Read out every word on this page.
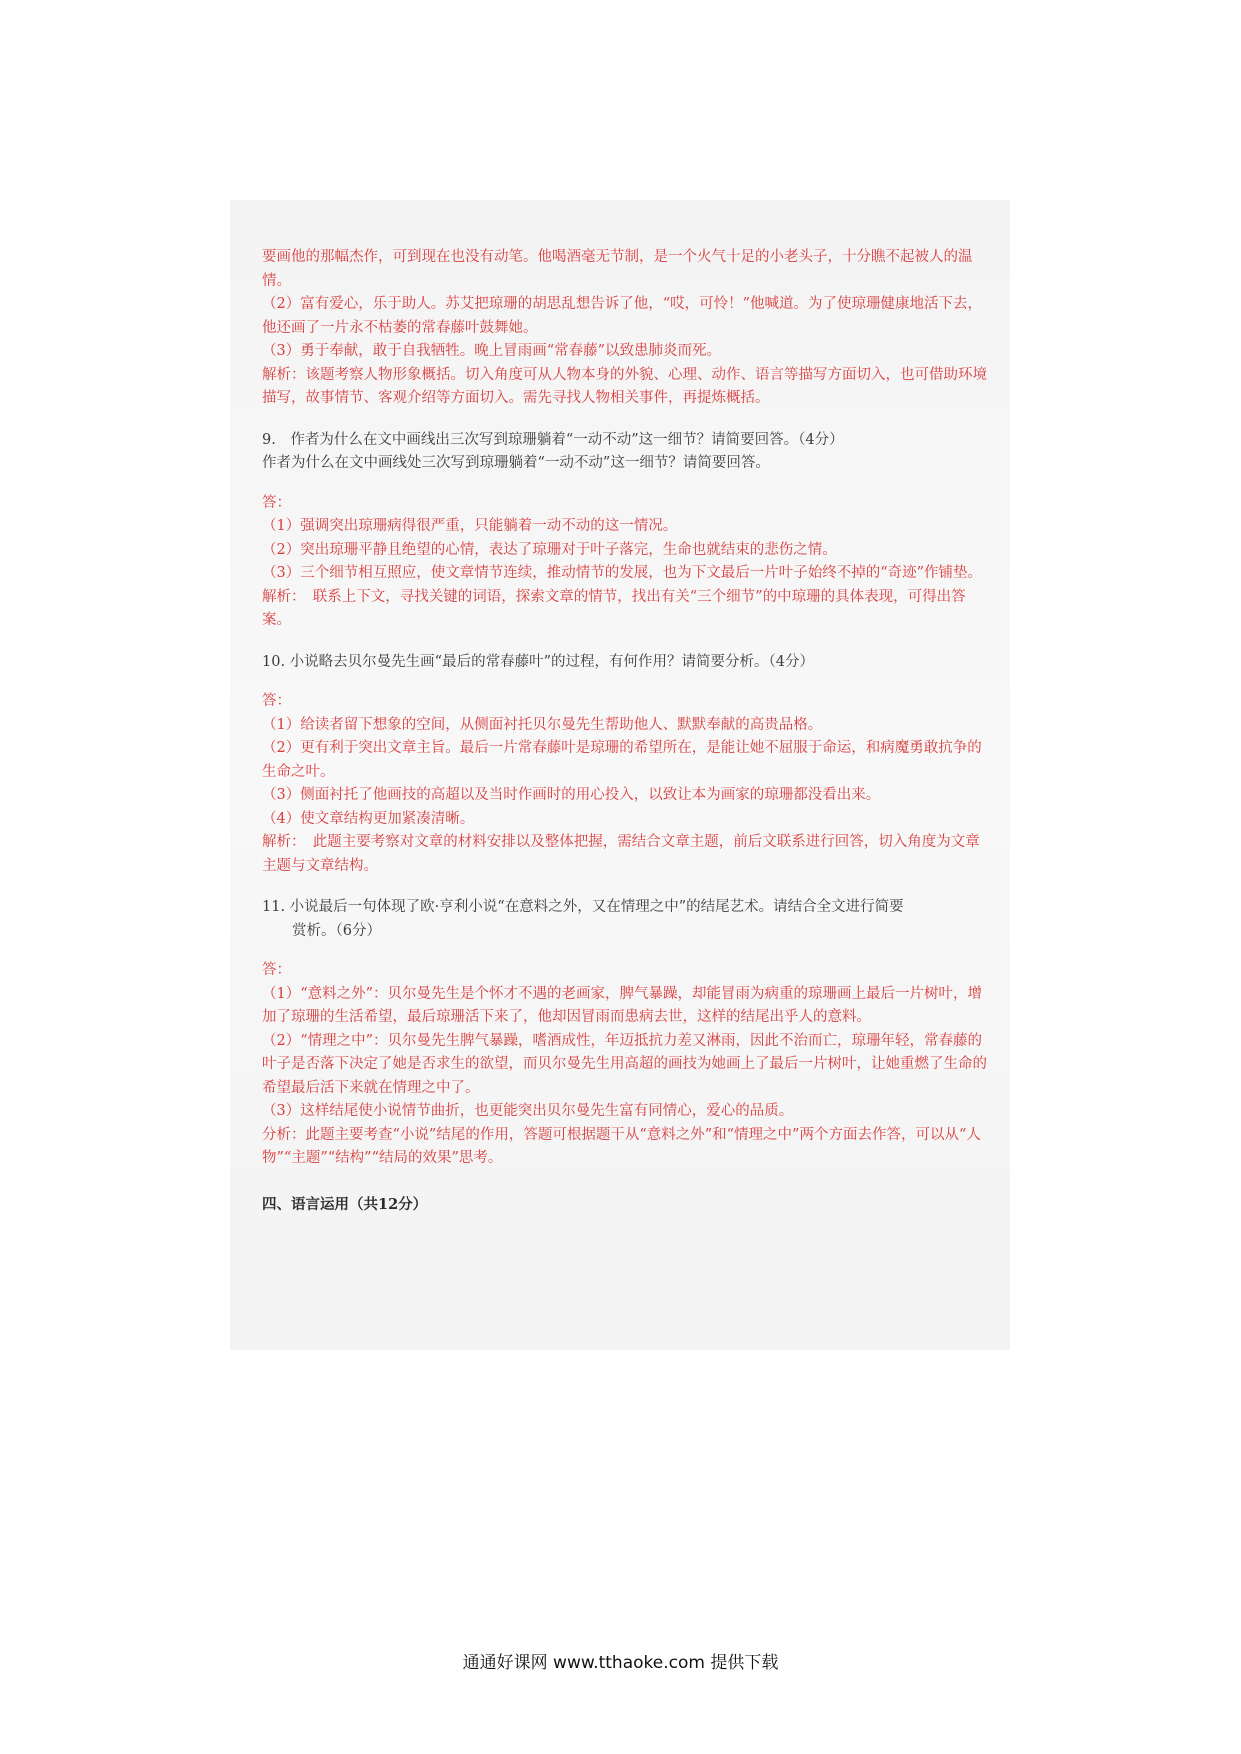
要画他的那幅杰作，可到现在也没有动笔。他喝酒毫无节制，是一个火气十足的小老头子，十分瞧不起被人的温情。

（2）富有爱心，乐于助人。苏艾把琼珊的胡思乱想告诉了他，“哎，可怜！”他喊道。为了使琼珊健康地活下去，他还画了一片永不枯萎的常春藤叶鼓舞她。

（3）勇于奉献，敢于自我牺牲。晚上冒雨画“常春藤”以致患肺炎而死。

解析：该题考察人物形象概括。切入角度可从人物本身的外貌、心理、动作、语言等描写方面切入，也可借助环境描写，故事情节、客观介绍等方面切入。需先寻找人物相关事件，再提炼概括。

9.　作者为什么在文中画线出三次写到琼珊躺着“一动不动”这一细节？请简要回答。（4分）

作者为什么在文中画线处三次写到琼珊躺着“一动不动”这一细节？请简要回答。

答：

（1）强调突出琼珊病得很严重，只能躺着一动不动的这一情况。

（2）突出琼珊平静且绝望的心情，表达了琼珊对于叶子落完，生命也就结束的悲伤之情。

（3）三个细节相互照应，使文章情节连续，推动情节的发展，也为下文最后一片叶子始终不掉的“奇迹”作铺垫。

解析：　联系上下文，寻找关键的词语，探索文章的情节，找出有关“三个细节”的中琼珊的具体表现，可得出答案。

10. 小说略去贝尔曼先生画“最后的常春藤叶”的过程，有何作用？请简要分析。（4分）

答：

（1）给读者留下想象的空间，从侧面衬托贝尔曼先生帮助他人、默默奉献的高贵品格。

（2）更有利于突出文章主旨。最后一片常春藤叶是琼珊的希望所在，是能让她不屈服于命运，和病魔勇敢抗争的生命之叶。

（3）侧面衬托了他画技的高超以及当时作画时的用心投入，以致让本为画家的琼珊都没看出来。

（4）使文章结构更加紧凑清晰。

解析：　此题主要考察对文章的材料安排以及整体把握，需结合文章主题，前后文联系进行回答，切入角度为文章主题与文章结构。

11. 小说最后一句体现了欧·亨利小说“在意料之外，又在情理之中”的结尾艺术。请结合全文进行简要

赏析。（6分）

答：

（1）“意料之外”：贝尔曼先生是个怀才不遇的老画家，脾气暴躁，却能冒雨为病重的琼珊画上最后一片树叶，增加了琼珊的生活希望，最后琼珊活下来了，他却因冒雨而患病去世，这样的结尾出乎人的意料。

（2）“情理之中”：贝尔曼先生脾气暴躁，嗜酒成性，年迈抵抗力差又淋雨，因此不治而亡，琼珊年轻，常春藤的叶子是否落下决定了她是否求生的欲望，而贝尔曼先生用高超的画技为她画上了最后一片树叶，让她重燃了生命的希望最后活下来就在情理之中了。

（3）这样结尾使小说情节曲折，也更能突出贝尔曼先生富有同情心，爱心的品质。

分析：此题主要考查“小说”结尾的作用，答题可根据题干从“意料之外”和“情理之中”两个方面去作答，可以从“人物”“主题”“结构”“结局的效果”思考。

四、语言运用（共12分）

通通好课网 www.tthaoke.com 提供下载
